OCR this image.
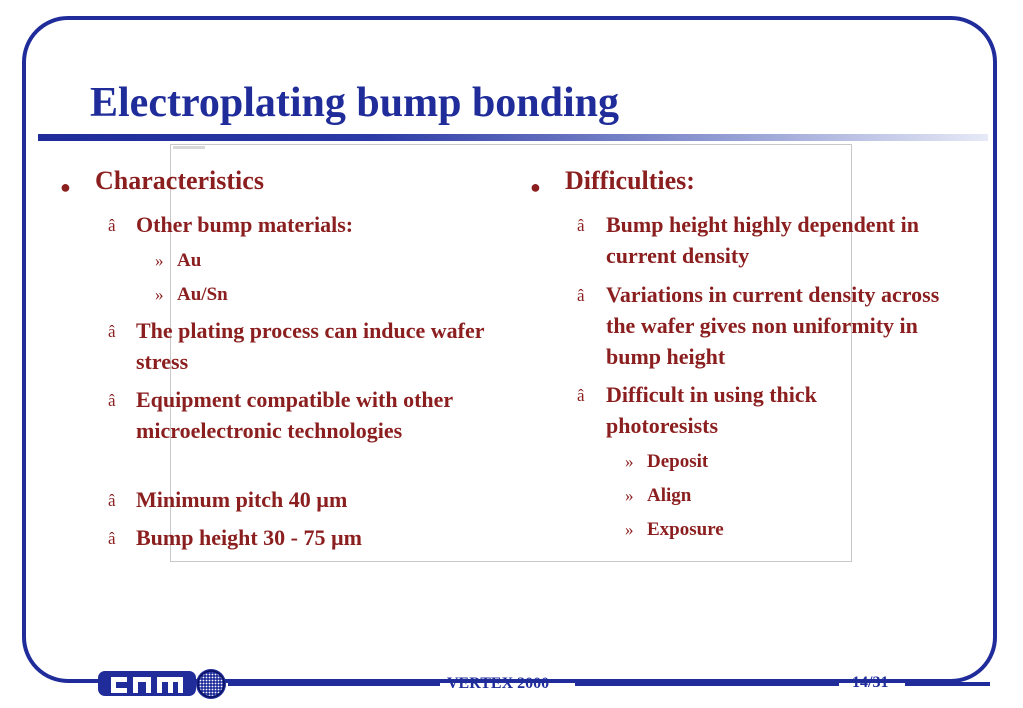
Electroplating bump bonding
● Characteristics
â Other bump materials:
» Au
» Au/Sn
â The plating process can induce wafer stress
â Equipment compatible with other microelectronic technologies
â Minimum pitch 40 µm
â Bump height 30 - 75 µm
● Difficulties:
â Bump height highly dependent in current density
â Variations in current density across the wafer gives non uniformity in bump height
â Difficult in using thick photoresists
» Deposit
» Align
» Exposure
VERTEX 2000	14/31
